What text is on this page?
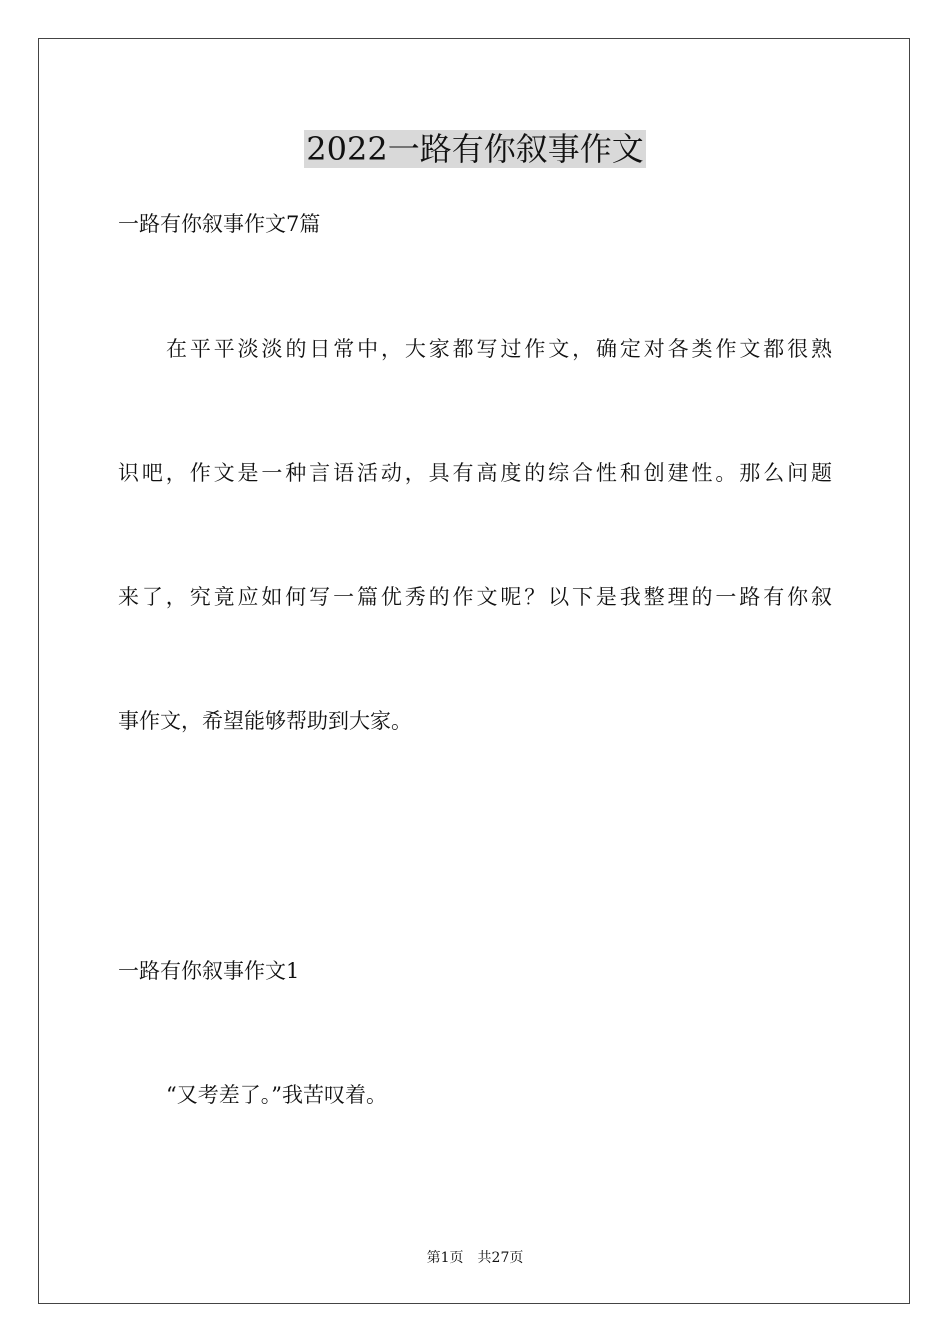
2022一路有你叙事作文

一路有你叙事作文7篇

在平平淡淡的日常中，大家都写过作文，确定对各类作文都很熟

识吧，作文是一种言语活动，具有高度的综合性和创建性。那么问题

来了，究竟应如何写一篇优秀的作文呢？以下是我整理的一路有你叙

事作文，希望能够帮助到大家。

一路有你叙事作文1

“又考差了。”我苦叹着。

第1页　共27页
